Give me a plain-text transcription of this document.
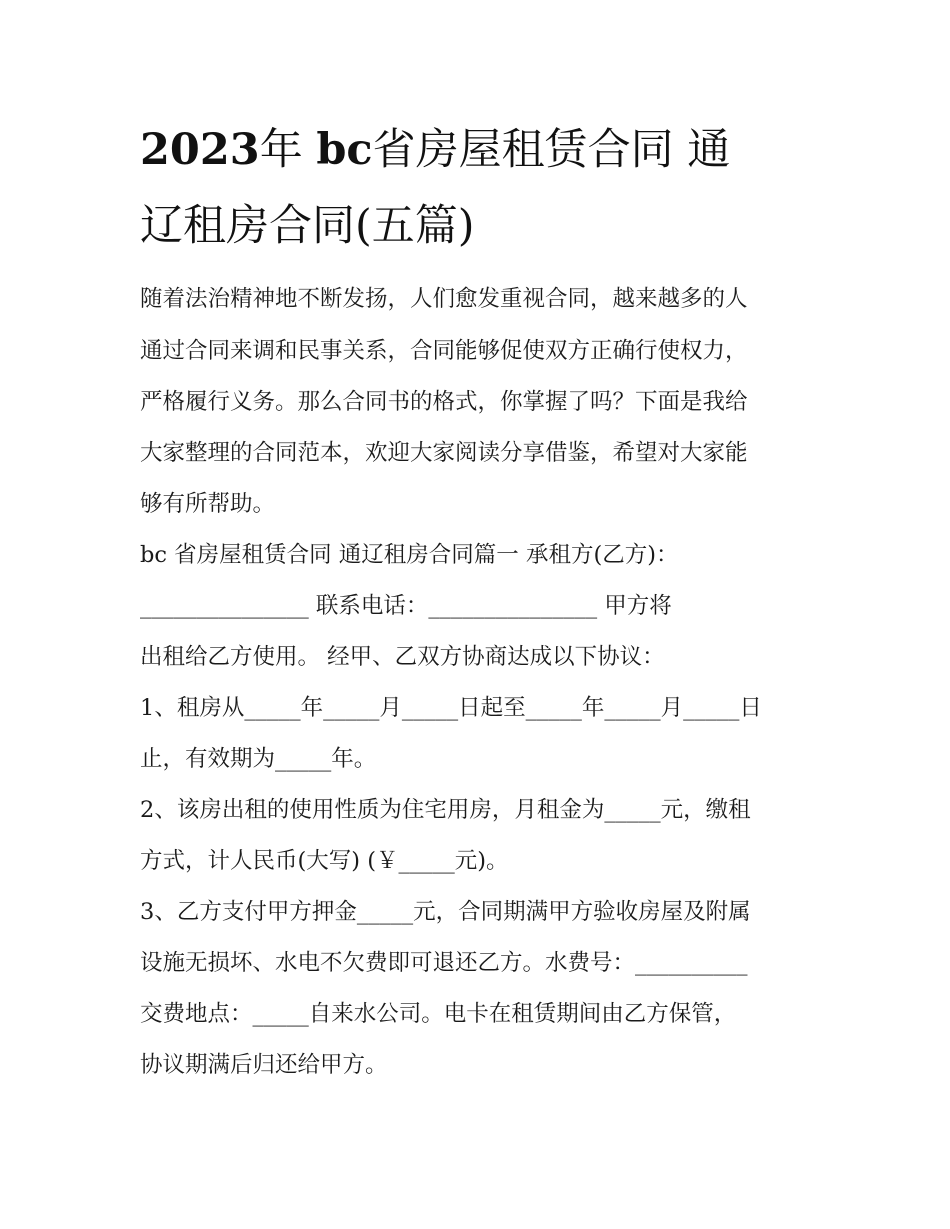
2023年 bc省房屋租赁合同 通
辽租房合同(五篇)

随着法治精神地不断发扬，人们愈发重视合同，越来越多的人

通过合同来调和民事关系，合同能够促使双方正确行使权力，

严格履行义务。那么合同书的格式，你掌握了吗？下面是我给

大家整理的合同范本，欢迎大家阅读分享借鉴，希望对大家能

够有所帮助。

bc 省房屋租赁合同 通辽租房合同篇一 承租方(乙方)：

_______________ 联系电话：_______________ 甲方将

出租给乙方使用。 经甲、乙双方协商达成以下协议：

1、租房从_____年_____月_____日起至_____年_____月_____日

止，有效期为_____年。

2、该房出租的使用性质为住宅用房，月租金为_____元，缴租

方式，计人民币(大写) (￥_____元)。

3、乙方支付甲方押金_____元，合同期满甲方验收房屋及附属

设施无损坏、水电不欠费即可退还乙方。水费号：__________

交费地点：_____自来水公司。电卡在租赁期间由乙方保管，

协议期满后归还给甲方。
